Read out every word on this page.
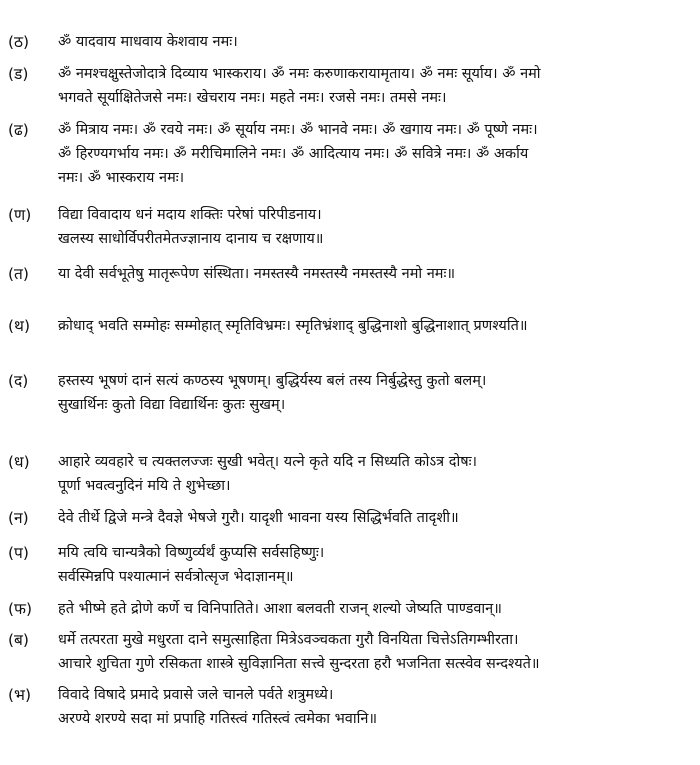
(ठ)	ॐ यादवाय माधवाय केशवाय नमः।
(ड)	ॐ नमश्चक्षुस्तेजोदात्रे दिव्याय भास्कराय। ॐ नमः करुणाकरायामृताय। ॐ नमः सूर्याय। ॐ नमो
भगवते सूर्याक्षितेजसे नमः। खेचराय नमः। महते नमः। रजसे नमः। तमसे नमः।
(ढ)	ॐ मित्राय नमः। ॐ रवये नमः। ॐ सूर्याय नमः। ॐ भानवे नमः। ॐ खगाय नमः। ॐ पूष्णे नमः।
ॐ हिरण्यगर्भाय नमः। ॐ मरीचिमालिने नमः। ॐ आदित्याय नमः। ॐ सवित्रे नमः। ॐ अर्काय
नमः। ॐ भास्कराय नमः।
(ण)	विद्या विवादाय धनं मदाय शक्तिः परेषां परिपीडनाय।
खलस्य साधोर्विपरीतमेतज्ज्ञानाय दानाय च रक्षणाय॥
(त)	या देवी सर्वभूतेषु मातृरूपेण संस्थिता। नमस्तस्यै नमस्तस्यै नमस्तस्यै नमो नमः॥
(थ)	क्रोधाद् भवति सम्मोहः सम्मोहात् स्मृतिविभ्रमः। स्मृतिभ्रंशाद् बुद्धिनाशो बुद्धिनाशात् प्रणश्यति॥
(द)	हस्तस्य भूषणं दानं सत्यं कण्ठस्य भूषणम्। बुद्धिर्यस्य बलं तस्य निर्बुद्धेस्तु कुतो बलम्।
सुखार्थिनः कुतो विद्या विद्यार्थिनः कुतः सुखम्।
(ध)	आहारे व्यवहारे च त्यक्तलज्जः सुखी भवेत्। यत्ने कृते यदि न सिध्यति कोऽत्र दोषः।
पूर्णा भवत्वनुदिनं मयि ते शुभेच्छा।
(न)	देवे तीर्थे द्विजे मन्त्रे दैवज्ञे भेषजे गुरौ। यादृशी भावना यस्य सिद्धिर्भवति तादृशी॥
(प)	मयि त्वयि चान्यत्रैको विष्णुर्व्यर्थं कुप्यसि सर्वसहिष्णुः।
सर्वस्मिन्नपि पश्यात्मानं सर्वत्रोत्सृज भेदाज्ञानम्॥
(फ)	हते भीष्मे हते द्रोणे कर्णे च विनिपातिते। आशा बलवती राजन् शल्यो जेष्यति पाण्डवान्॥
(ब)	धर्मे तत्परता मुखे मधुरता दाने समुत्साहिता मित्रेऽवञ्चकता गुरौ विनयिता चित्तेऽतिगम्भीरता।
आचारे शुचिता गुणे रसिकता शास्त्रे सुविज्ञानिता सत्त्वे सुन्दरता हरौ भजनिता सत्स्वेव सन्दश्यते॥
(भ)	विवादे विषादे प्रमादे प्रवासे जले चानले पर्वते शत्रुमध्ये।
अरण्ये शरण्ये सदा मां प्रपाहि गतिस्त्वं गतिस्त्वं त्वमेका भवानि॥
